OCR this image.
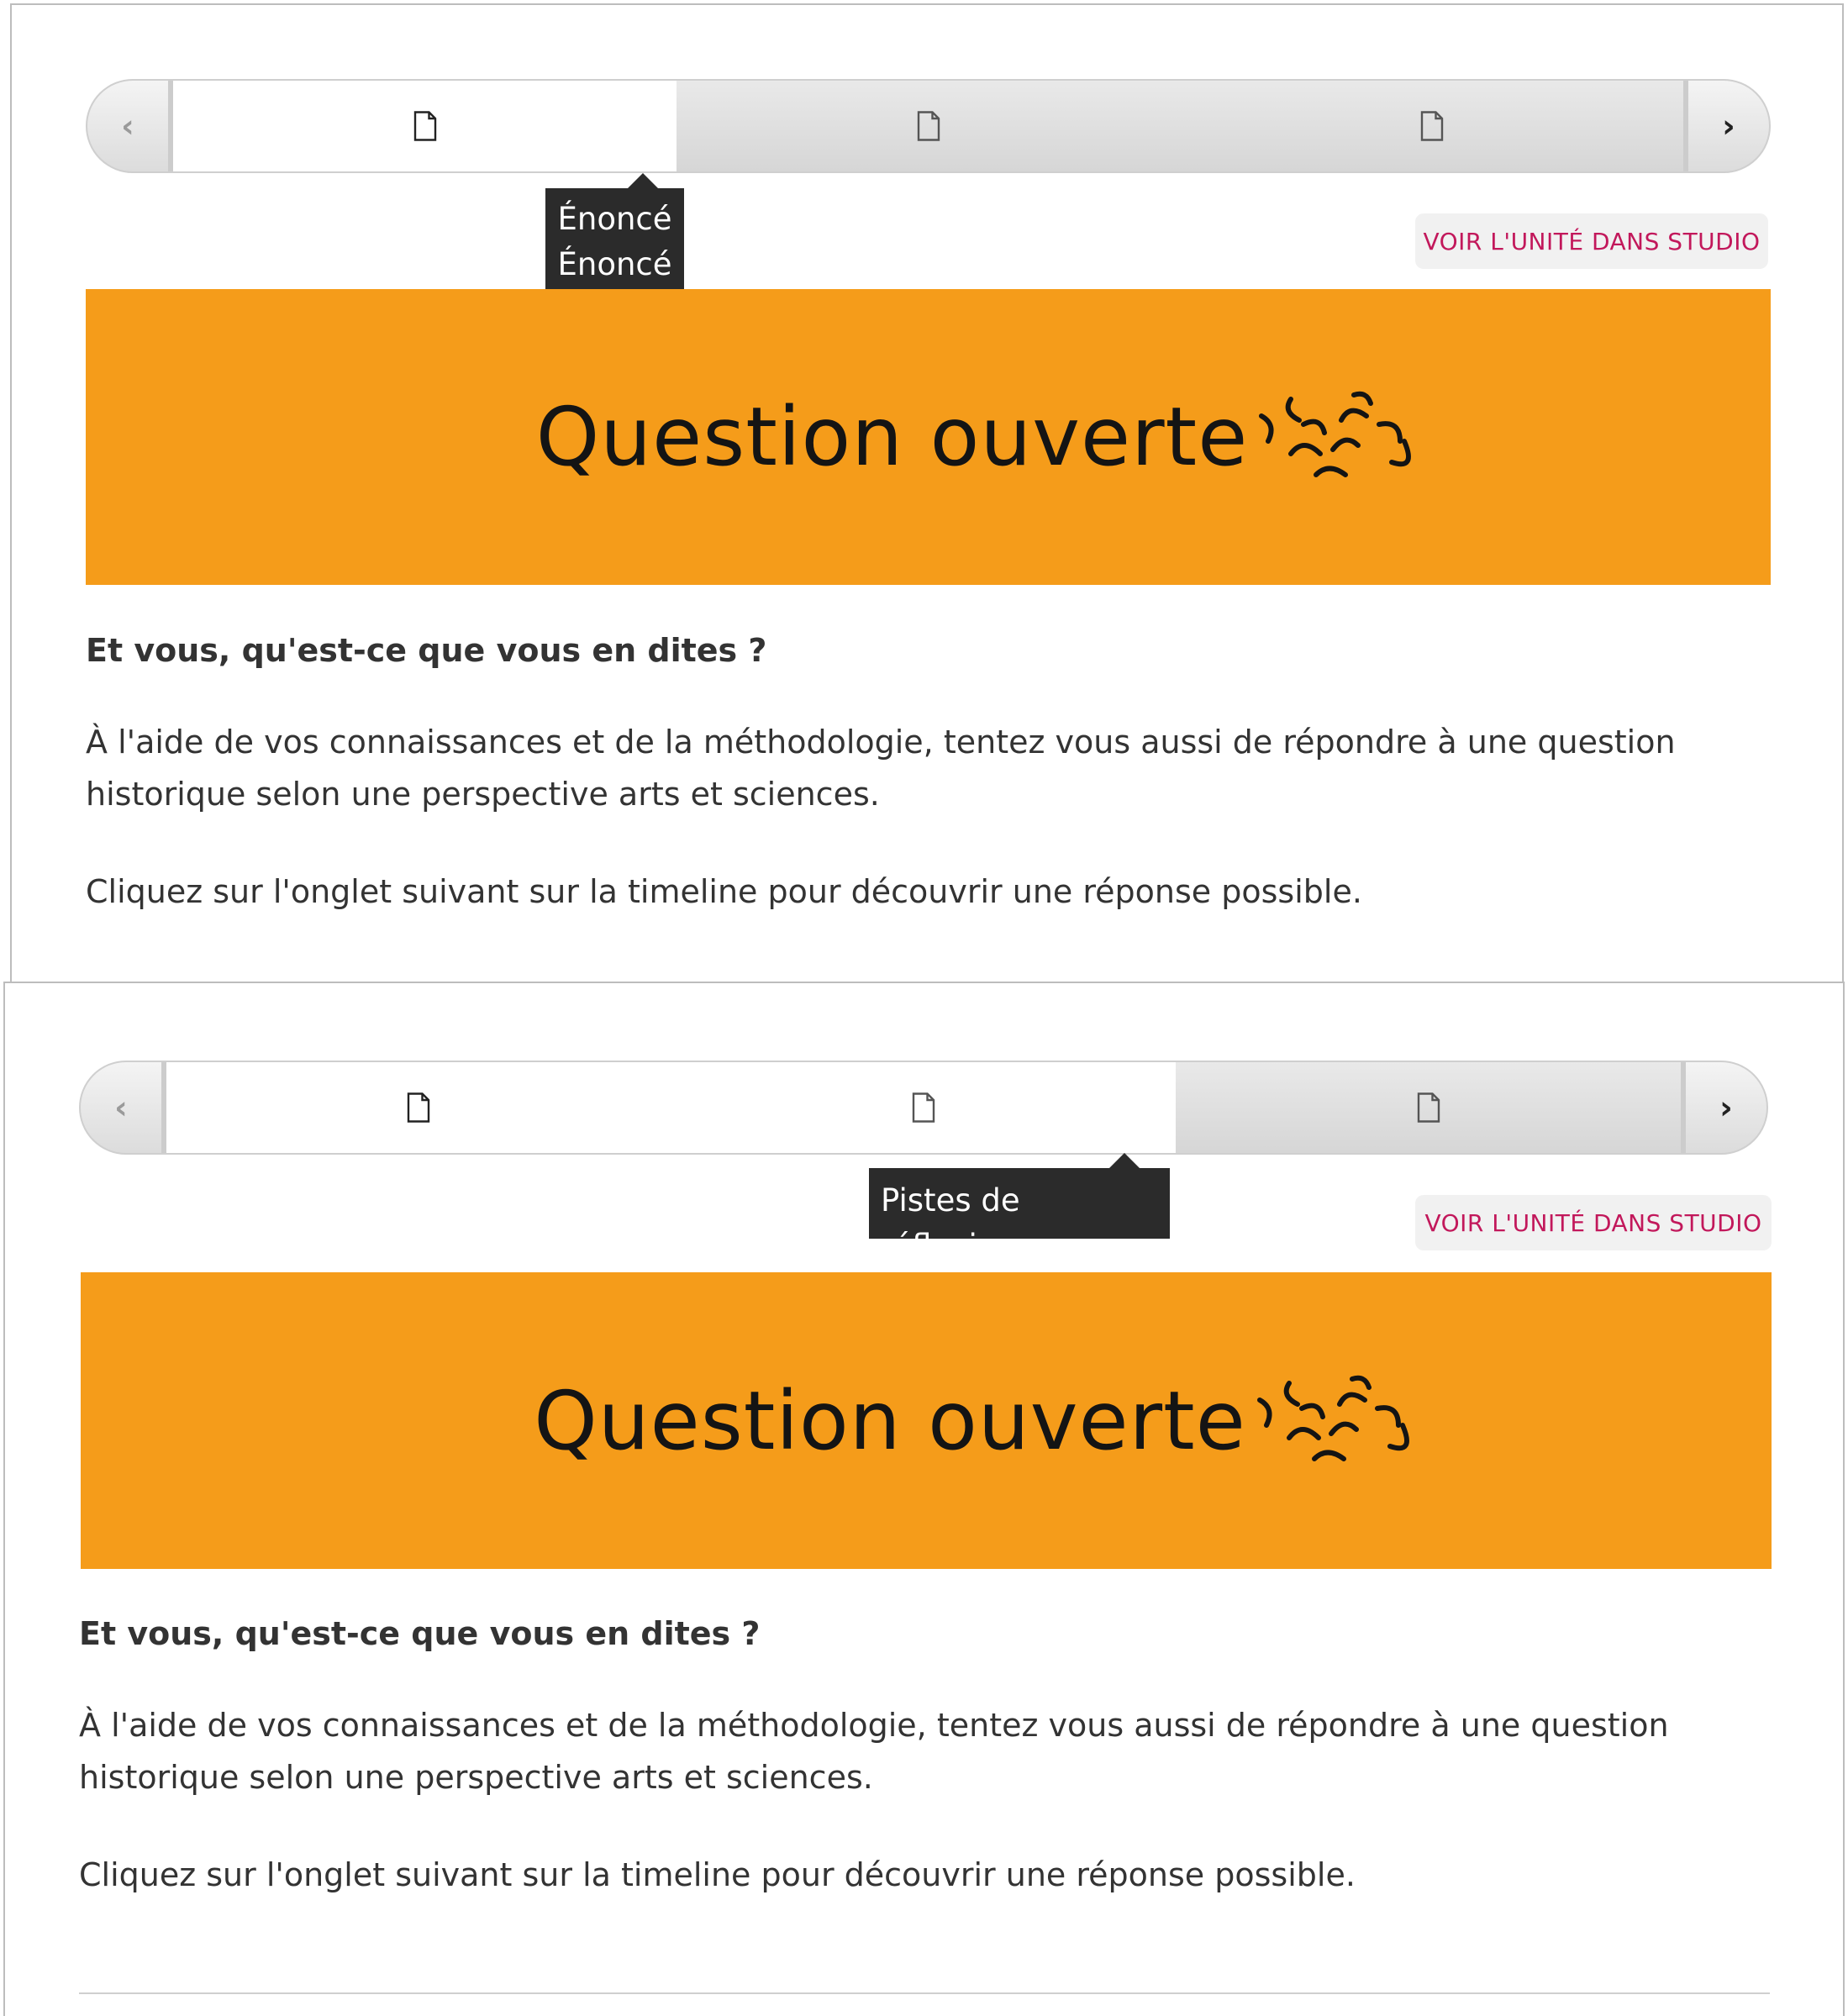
‹	›
Énoncé
Énoncé
VOIR L'UNITÉ DANS STUDIO
Question ouverte

Et vous, qu'est-ce que vous en dites ?

À l'aide de vos connaissances et de la méthodologie, tentez vous aussi de répondre à une question historique selon une perspective arts et sciences.

Cliquez sur l'onglet suivant sur la timeline pour découvrir une réponse possible.

‹	›
VOIR L'UNITÉ DANS STUDIO
Question ouverte

Et vous, qu'est-ce que vous en dites ?

À l'aide de vos connaissances et de la méthodologie, tentez vous aussi de répondre à une question historique selon une perspective arts et sciences.

Cliquez sur l'onglet suivant sur la timeline pour découvrir une réponse possible.

Pistes de réflexion
